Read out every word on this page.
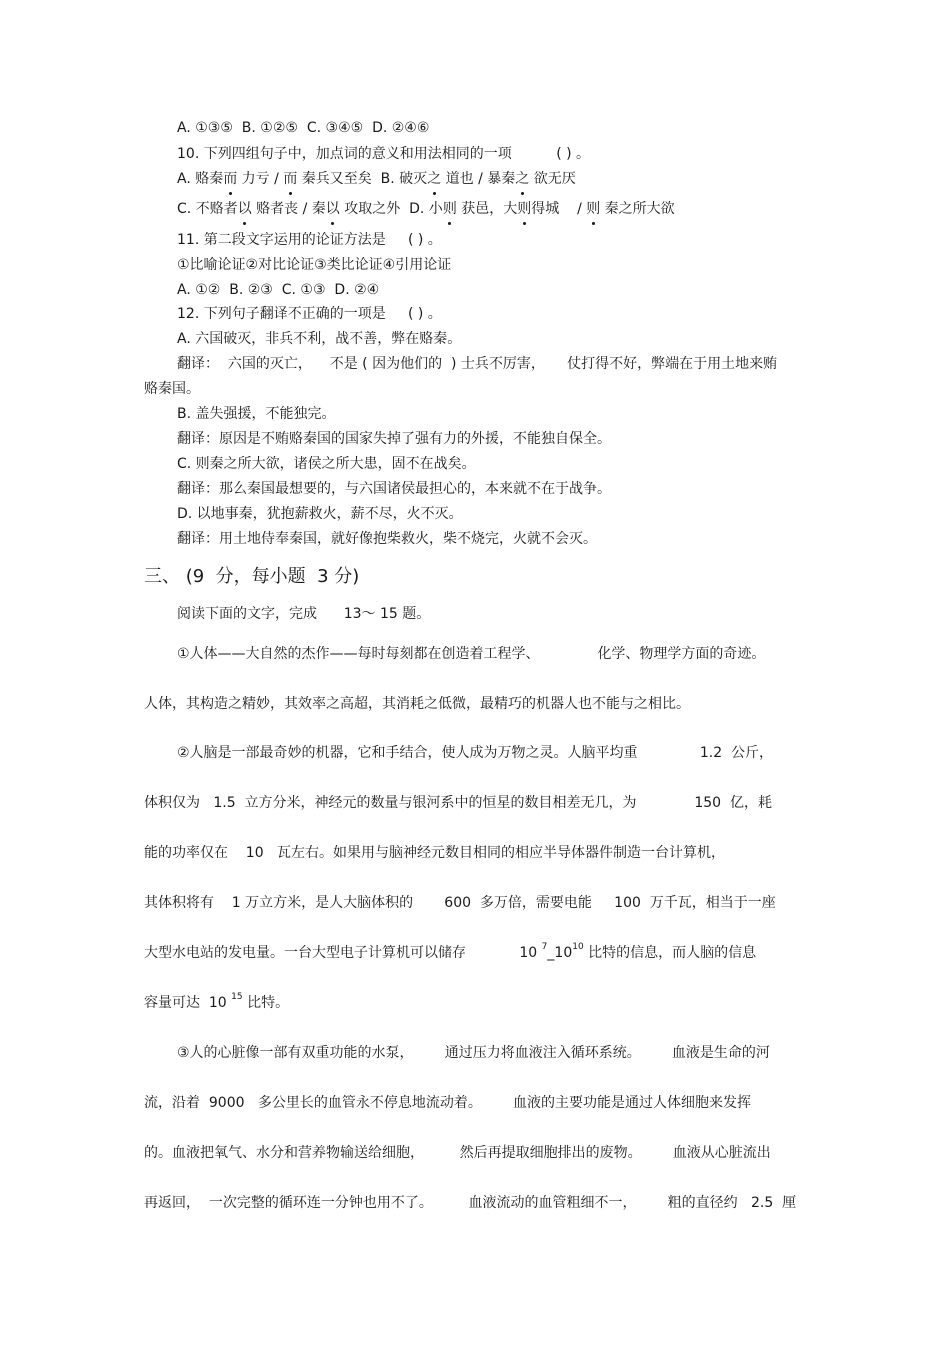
A. ①③⑤  B. ①②⑤  C. ③④⑤  D. ②④⑥
10. 下列四组句子中，加点词的意义和用法相同的一项          ( ) 。
A. 赂秦而 力亏 / 而 秦兵又至矣  B. 破灭之 道也 / 暴秦之 欲无厌
C. 不赂者以 赂者丧 / 秦以 攻取之外  D. 小则 获邑，大则得城    / 则 秦之所大欲
11. 第二段文字运用的论证方法是     ( ) 。
①比喻论证②对比论证③类比论证④引用论证
A. ①②  B. ②③  C. ①③  D. ②④
12. 下列句子翻译不正确的一项是     ( ) 。
A. 六国破灭，非兵不利，战不善，弊在赂秦。
翻译：  六国的灭亡，    不是 ( 因为他们的  ) 士兵不厉害，     仗打得不好，弊端在于用土地来贿
赂秦国。
B. 盖失强援，不能独完。
翻译：原因是不贿赂秦国的国家失掉了强有力的外援，不能独自保全。
C. 则秦之所大欲，诸侯之所大患，固不在战矣。
翻译：那么秦国最想要的，与六国诸侯最担心的，本来就不在于战争。
D. 以地事秦，犹抱薪救火，薪不尽，火不灭。
翻译：用土地侍奉秦国，就好像抱柴救火，柴不烧完，火就不会灭。
三、 (9  分，每小题  3 分)
阅读下面的文字，完成      13～ 15 题。
①人体——大自然的杰作——每时每刻都在创造着工程学、             化学、物理学方面的奇迹。
人体，其构造之精妙，其效率之高超，其消耗之低微，最精巧的机器人也不能与之相比。
②人脑是一部最奇妙的机器，它和手结合，使人成为万物之灵。人脑平均重              1.2  公斤，
体积仅为   1.5  立方分米，神经元的数量与银河系中的恒星的数目相差无几，为             150  亿，耗
能的功率仅在    10   瓦左右。如果用与脑神经元数目相同的相应半导体器件制造一台计算机，
其体积将有    1 万立方米，是人大脑体积的       600  多万倍，需要电能     100  万千瓦，相当于一座
大型水电站的发电量。一台大型电子计算机可以储存            10 $^7\_10^{10}$ 比特的信息，而人脑的信息
容量可达  10 $^{15}$ 比特。
③人的心脏像一部有双重功能的水泵，       通过压力将血液注入循环系统。       血液是生命的河
流，沿着  9000   多公里长的血管永不停息地流动着。       血液的主要功能是通过人体细胞来发挥
的。血液把氧气、水分和营养物输送给细胞，        然后再提取细胞排出的废物。       血液从心脏流出
再返回，  一次完整的循环连一分钟也用不了。        血液流动的血管粗细不一，       粗的直径约   2.5  厘
